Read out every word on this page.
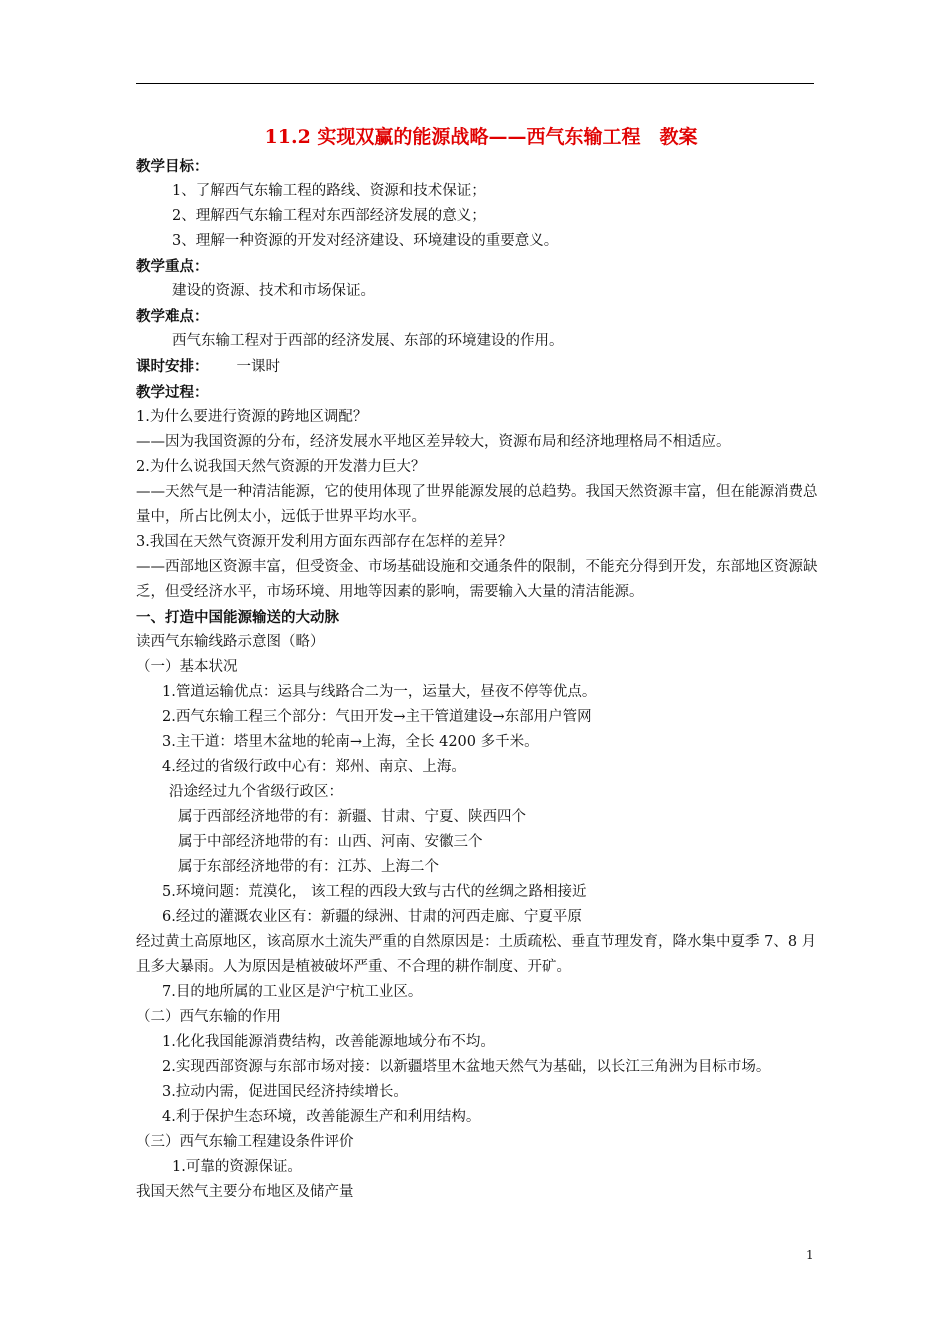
11.2 实现双赢的能源战略——西气东输工程　教案

教学目标：

1、了解西气东输工程的路线、资源和技术保证；

2、理解西气东输工程对东西部经济发展的意义；

3、理解一种资源的开发对经济建设、环境建设的重要意义。

教学重点：

建设的资源、技术和市场保证。

教学难点：

西气东输工程对于西部的经济发展、东部的环境建设的作用。

课时安排： 一课时

教学过程：

1.为什么要进行资源的跨地区调配？

——因为我国资源的分布，经济发展水平地区差异较大，资源布局和经济地理格局不相适应。

2.为什么说我国天然气资源的开发潜力巨大？

——天然气是一种清洁能源，它的使用体现了世界能源发展的总趋势。我国天然资源丰富，但在能源消费总量中，所占比例太小，远低于世界平均水平。

3.我国在天然气资源开发利用方面东西部存在怎样的差异？

——西部地区资源丰富，但受资金、市场基础设施和交通条件的限制，不能充分得到开发，东部地区资源缺乏，但受经济水平，市场环境、用地等因素的影响，需要输入大量的清洁能源。

一、打造中国能源输送的大动脉

读西气东输线路示意图（略）

（一）基本状况

1.管道运输优点：运具与线路合二为一，运量大，昼夜不停等优点。

2.西气东输工程三个部分：气田开发→主干管道建设→东部用户管网

3.主干道：塔里木盆地的轮南→上海，全长 4200 多千米。

4.经过的省级行政中心有：郑州、南京、上海。

沿途经过九个省级行政区：

属于西部经济地带的有：新疆、甘肃、宁夏、陕西四个

属于中部经济地带的有：山西、河南、安徽三个

属于东部经济地带的有：江苏、上海二个

5.环境问题：荒漠化， 该工程的西段大致与古代的丝绸之路相接近

6.经过的灌溉农业区有：新疆的绿洲、甘肃的河西走廊、宁夏平原

经过黄土高原地区，该高原水土流失严重的自然原因是：土质疏松、垂直节理发育，降水集中夏季 7、8 月且多大暴雨。人为原因是植被破坏严重、不合理的耕作制度、开矿。

7.目的地所属的工业区是沪宁杭工业区。

（二）西气东输的作用

1.化化我国能源消费结构，改善能源地域分布不均。

2.实现西部资源与东部市场对接：以新疆塔里木盆地天然气为基础，以长江三角洲为目标市场。

3.拉动内需，促进国民经济持续增长。

4.利于保护生态环境，改善能源生产和利用结构。

（三）西气东输工程建设条件评价

1.可靠的资源保证。

我国天然气主要分布地区及储产量

1
